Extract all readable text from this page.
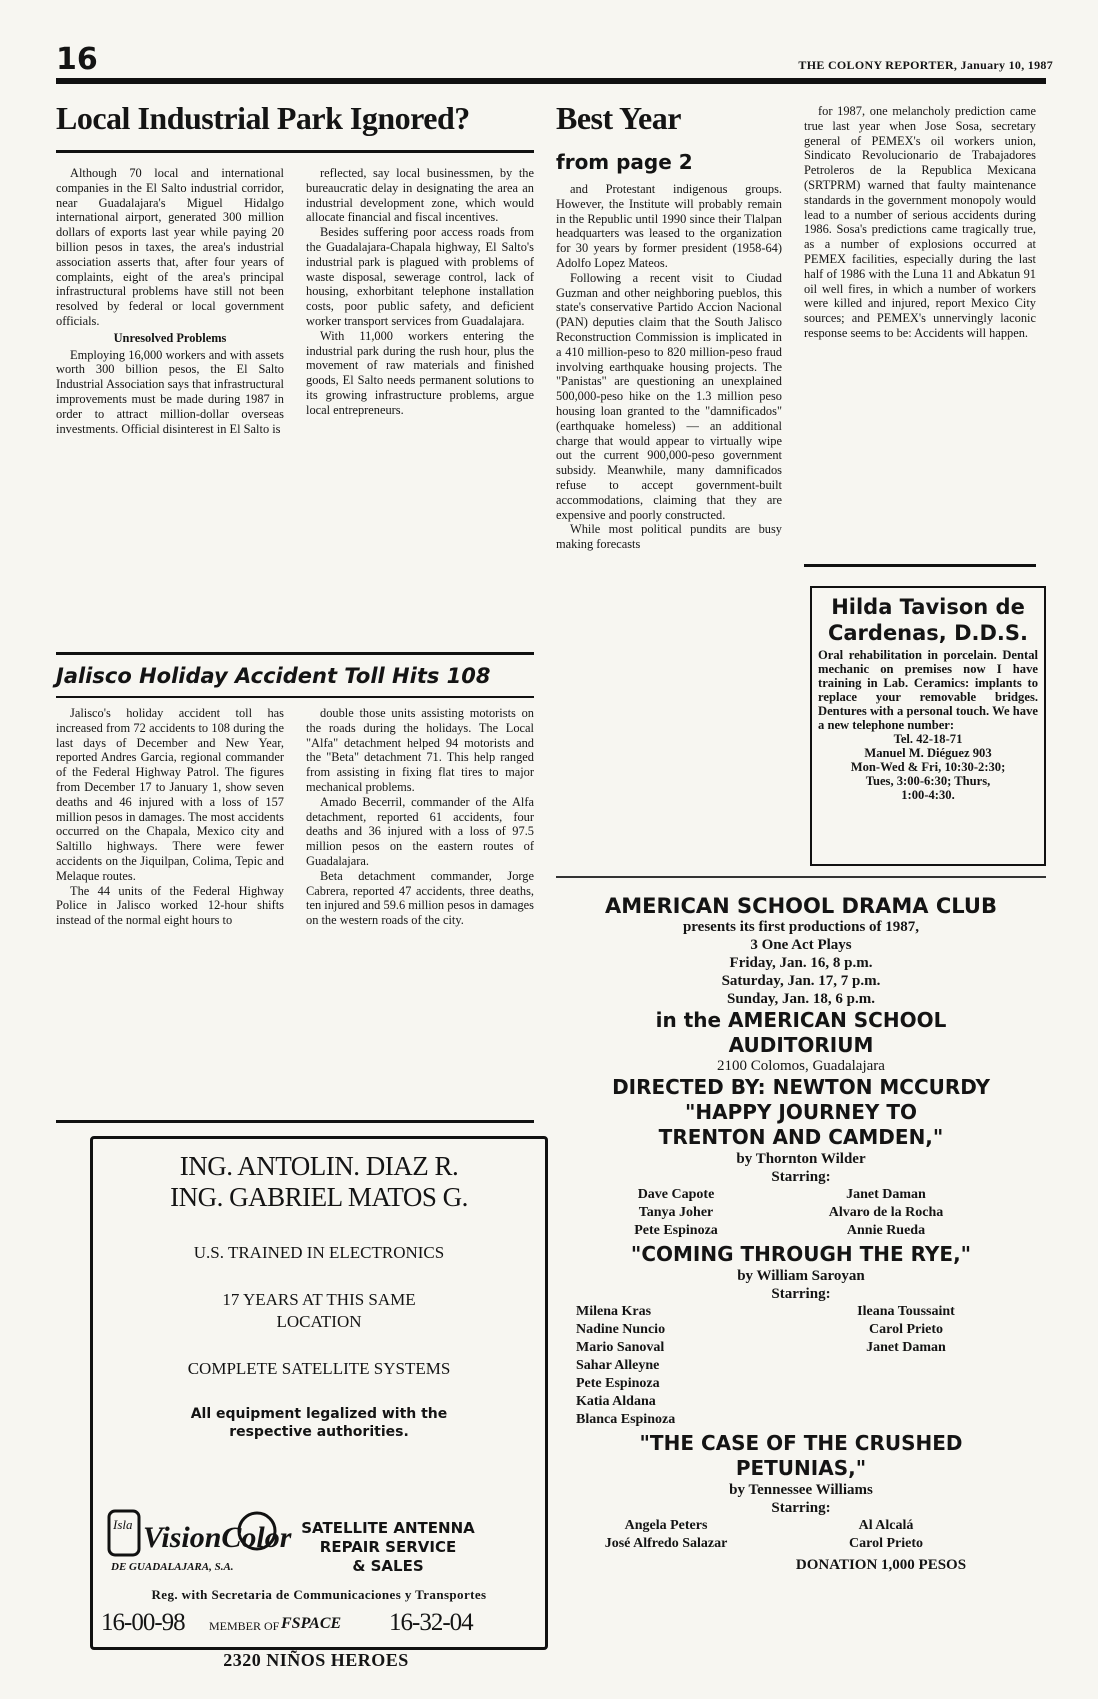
16	THE COLONY REPORTER, January 10, 1987
Local Industrial Park Ignored?

Although 70 local and international companies in the El Salto industrial corridor, near Guadalajara's Miguel Hidalgo international airport, generated 300 million dollars of exports last year while paying 20 billion pesos in taxes, the area's industrial association asserts that, after four years of complaints, eight of the area's principal infrastructural problems have still not been resolved by federal or local government officials.

Unresolved Problems

Employing 16,000 workers and with assets worth 300 billion pesos, the El Salto Industrial Association says that infrastructural improvements must be made during 1987 in order to attract million-dollar overseas investments. Official disinterest in El Salto is

reflected, say local businessmen, by the bureaucratic delay in designating the area an industrial development zone, which would allocate financial and fiscal incentives.

Besides suffering poor access roads from the Guadalajara-Chapala highway, El Salto's industrial park is plagued with problems of waste disposal, sewerage control, lack of housing, exhorbitant telephone installation costs, poor public safety, and deficient worker transport services from Guadalajara.

With 11,000 workers entering the industrial park during the rush hour, plus the movement of raw materials and finished goods, El Salto needs permanent solutions to its growing infrastructure problems, argue local entrepreneurs.

Jalisco Holiday Accident Toll Hits 108

Jalisco's holiday accident toll has increased from 72 accidents to 108 during the last days of December and New Year, reported Andres Garcia, regional commander of the Federal Highway Patrol. The figures from December 17 to January 1, show seven deaths and 46 injured with a loss of 157 million pesos in damages. The most accidents occurred on the Chapala, Mexico city and Saltillo highways. There were fewer accidents on the Jiquilpan, Colima, Tepic and Melaque routes.

The 44 units of the Federal Highway Police in Jalisco worked 12-hour shifts instead of the normal eight hours to

double those units assisting motorists on the roads during the holidays. The Local "Alfa" detachment helped 94 motorists and the "Beta" detachment 71. This help ranged from assisting in fixing flat tires to major mechanical problems.

Amado Becerril, commander of the Alfa detachment, reported 61 accidents, four deaths and 36 injured with a loss of 97.5 million pesos on the eastern routes of Guadalajara.

Beta detachment commander, Jorge Cabrera, reported 47 accidents, three deaths, ten injured and 59.6 million pesos in damages on the western roads of the city.

ING. ANTOLIN. DIAZ R.
ING. GABRIEL MATOS G.
U.S. TRAINED IN ELECTRONICS
17 YEARS AT THIS SAME
LOCATION
COMPLETE SATELLITE SYSTEMS
All equipment legalized with the
respective authorities.
Isla VisionColor
DE GUADALAJARA, S.A.
SATELLITE ANTENNA
REPAIR SERVICE
& SALES
Reg. with Secretaria de Communicaciones y Transportes
16-00-98 MEMBER OF FSPACE 16-32-04
2320 NIÑOS HEROES
Best Year
from page 2

and Protestant indigenous groups. However, the Institute will probably remain in the Republic until 1990 since their Tlalpan headquarters was leased to the organization for 30 years by former president (1958-64) Adolfo Lopez Mateos.

Following a recent visit to Ciudad Guzman and other neighboring pueblos, this state's conservative Partido Accion Nacional (PAN) deputies claim that the South Jalisco Reconstruction Commission is implicated in a 410 million-peso to 820 million-peso fraud involving earthquake housing projects. The "Panistas" are questioning an unexplained 500,000-peso hike on the 1.3 million peso housing loan granted to the "damnificados" (earthquake homeless) — an additional charge that would appear to virtually wipe out the current 900,000-peso government subsidy. Meanwhile, many damnificados refuse to accept government-built accommodations, claiming that they are expensive and poorly constructed.

While most political pundits are busy making forecasts

for 1987, one melancholy prediction came true last year when Jose Sosa, secretary general of PEMEX's oil workers union, Sindicato Revolucionario de Trabajadores Petroleros de la Republica Mexicana (SRTPRM) warned that faulty maintenance standards in the government monopoly would lead to a number of serious accidents during 1986. Sosa's predictions came tragically true, as a number of explosions occurred at PEMEX facilities, especially during the last half of 1986 with the Luna 11 and Abkatun 91 oil well fires, in which a number of workers were killed and injured, report Mexico City sources; and PEMEX's unnervingly laconic response seems to be: Accidents will happen.

Hilda Tavison de
Cardenas, D.D.S.
Oral rehabilitation in porcelain. Dental mechanic on premises now I have training in Lab. Ceramics: implants to replace your removable bridges. Dentures with a personal touch. We have a new telephone number:
Tel. 42-18-71
Manuel M. Diéguez 903
Mon-Wed & Fri, 10:30-2:30;
Tues, 3:00-6:30; Thurs,
1:00-4:30.
AMERICAN SCHOOL DRAMA CLUB
presents its first productions of 1987,
3 One Act Plays
Friday, Jan. 16, 8 p.m.
Saturday, Jan. 17, 7 p.m.
Sunday, Jan. 18, 6 p.m.
in the AMERICAN SCHOOL
AUDITORIUM
2100 Colomos, Guadalajara
DIRECTED BY: NEWTON MCCURDY
"HAPPY JOURNEY TO
TRENTON AND CAMDEN,"
by Thornton Wilder
Starring:
Dave Capote
Tanya Joher
Pete Espinoza
Janet Daman
Alvaro de la Rocha
Annie Rueda
"COMING THROUGH THE RYE,"
by William Saroyan
Starring:
Milena Kras
Nadine Nuncio
Mario Sanoval
Sahar Alleyne
Pete Espinoza
Katia Aldana
Blanca Espinoza
Ileana Toussaint
Carol Prieto
Janet Daman
"THE CASE OF THE CRUSHED
PETUNIAS,"
by Tennessee Williams
Starring:
Angela Peters
José Alfredo Salazar
Al Alcalá
Carol Prieto
DONATION 1,000 PESOS
